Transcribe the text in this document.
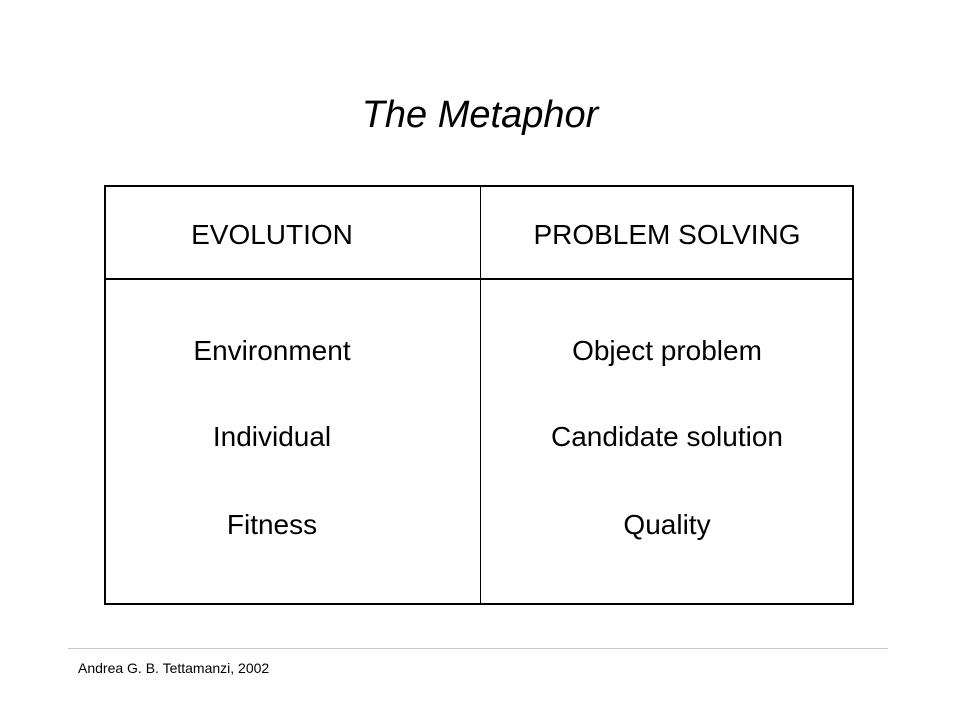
The Metaphor
EVOLUTION	PROBLEM SOLVING
Environment	Object problem
Individual	Candidate solution
Fitness	Quality
Andrea G. B. Tettamanzi, 2002
